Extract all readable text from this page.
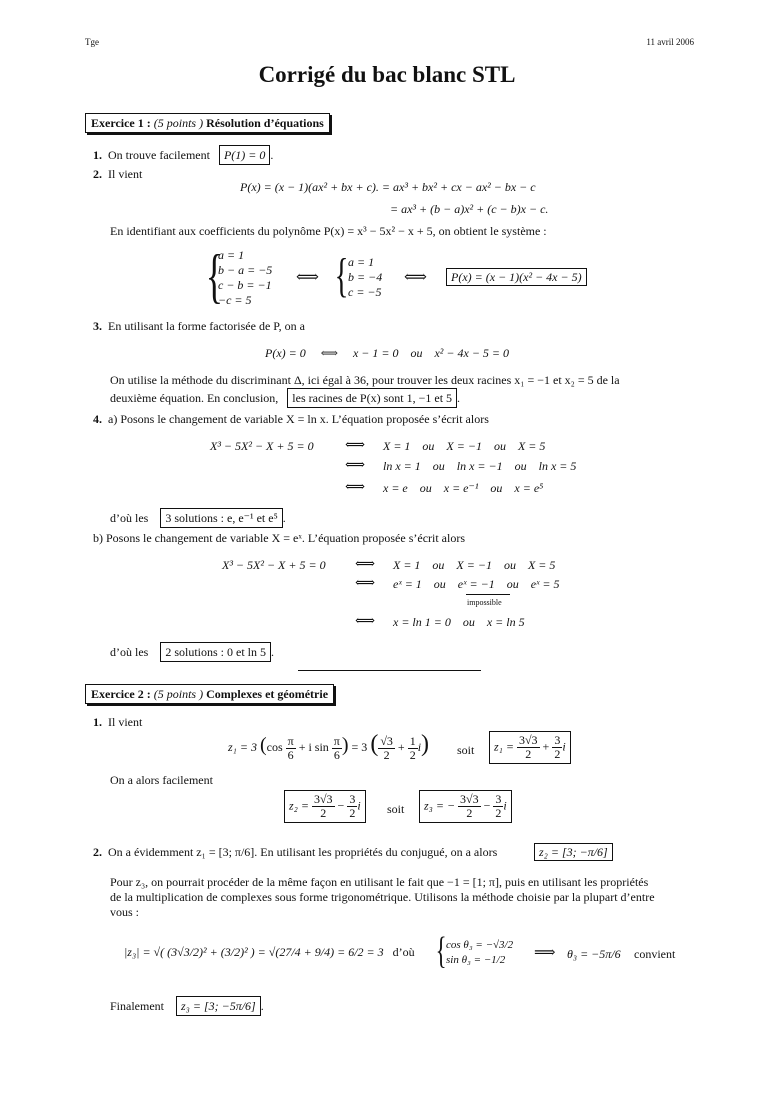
Tge	11 avril 2006
Corrigé du bac blanc STL
Exercice 1 : (5 points ) Résolution d’équations
1. On trouve facilement P(1) = 0 .
2. Il vient
P(x) = (x − 1)(ax² + bx + c). = ax³ + bx² + cx − ax² − bx − c
= ax³ + (b − a)x² + (c − b)x − c.
En identifiant aux coefficients du polynôme P(x) = x³ − 5x² − x + 5, on obtient le système :
{
a = 1
b − a = −5
c − b = −1
−c = 5
⟺ { a = 1
b = −4
c = −5
⟺	P(x) = (x − 1)(x² − 4x − 5)
3. En utilisant la forme factorisée de P, on a
P(x) = 0     ⟺     x − 1 = 0    ou    x² − 4x − 5 = 0
On utilise la méthode du discriminant Δ, ici égal à 36, pour trouver les deux racines x₁ = −1 et x₂ = 5 de la
deuxième équation. En conclusion, les racines de P(x) sont 1, −1 et 5 .
4. a) Posons le changement de variable X = ln x. L’équation proposée s’écrit alors
X³ − 5X² − X + 5 = 0 ⟺ X = 1    ou    X = −1    ou    X = 5
⟺ ln x = 1    ou    ln x = −1    ou    ln x = 5
⟺ x = e    ou    x = e⁻¹    ou    x = e⁵
d’où les 3 solutions : e, e⁻¹ et e⁵ .
b) Posons le changement de variable X = eˣ. L’équation proposée s’écrit alors
X³ − 5X² − X + 5 = 0 ⟺ X = 1    ou    X = −1    ou    X = 5
⟺ eˣ = 1    ou    eˣ = −1    ou    eˣ = 5
impossible
⟺ x = ln 1 = 0    ou    x = ln 5
d’où les 2 solutions : 0 et ln 5 .
Exercice 2 : (5 points ) Complexes et géométrie
1. Il vient
z₁ = 3 ($\cos \frac{\pi}{6} + i$ $\sin \frac{\pi}{6}$ ) = 3 ( $\frac{√3}{2} + \frac{1}{2} i$) soit	$z_1 = \frac{3√3}{2} + \frac{3}{2}$ i
On a alors facilement
$z_2 = \frac{3√3}{2} - \frac{3}{2}$ i	soit	z₃ = − $\frac{3√3}{2} - \frac{3}{2}$ i
2. On a évidemment z₁ = [3; π/6]. En utilisant les propriétés du conjugué, on a alors	z₂ = [3; −π/6]
Pour z₃, on pourrait procéder de la même façon en utilisant le fait que −1 = [1; π], puis en utilisant les propriétés
de la multiplication de complexes sous forme trigonométrique. Utilisons la méthode choisie par la plupart d’entre
vous :
|z₃| = √( (3√3/2)² + (3/2)² ) = √(27/4 + 9/4) = 6/2 = 3 d’où { cos θ₃ = −√3/2
sin θ₃ = −1/2	⟹ θ₃ = −5π/6 convient
Finalement z₃ = [3; −5π/6] .
